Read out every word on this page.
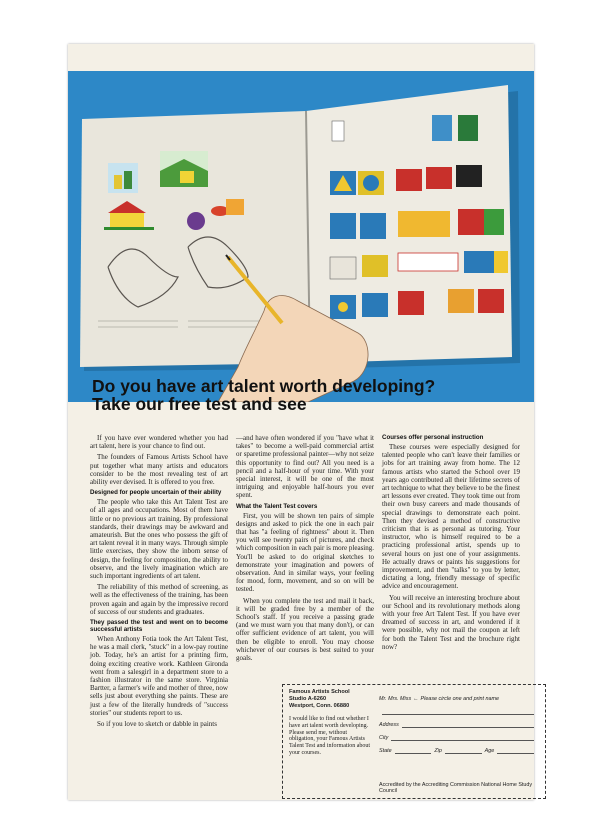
Do you have art talent worth developing?
Take our free test and see

If you have ever wondered whether you had art talent, here is your chance to find out.

The founders of Famous Artists School have put together what many artists and educators consider to be the most revealing test of art ability ever devised. It is offered to you free.

Designed for people uncertain of their ability

The people who take this Art Talent Test are of all ages and occupations. Most of them have little or no previous art training. By professional standards, their drawings may be awkward and amateurish. But the ones who possess the gift of art talent reveal it in many ways. Through simple little exercises, they show the inborn sense of design, the feeling for composition, the ability to observe, and the lively imagination which are such important ingredients of art talent.

The reliability of this method of screening, as well as the effectiveness of the training, has been proven again and again by the impressive record of success of our students and graduates.

They passed the test and went on to become successful artists

When Anthony Fotia took the Art Talent Test, he was a mail clerk, "stuck" in a low-pay routine job. Today, he's an artist for a printing firm, doing exciting creative work. Kathleen Gironda went from a salesgirl in a department store to a fashion illustrator in the same store. Virginia Bartter, a farmer's wife and mother of three, now sells just about everything she paints. These are just a few of the literally hundreds of "success stories" our students report to us.

So if you love to sketch or dabble in paints

—and have often wondered if you "have what it takes" to become a well-paid commercial artist or sparetime professional painter—why not seize this opportunity to find out? All you need is a pencil and a half-hour of your time. With your special interest, it will be one of the most intriguing and enjoyable half-hours you ever spent.

What the Talent Test covers

First, you will be shown ten pairs of simple designs and asked to pick the one in each pair that has "a feeling of rightness" about it. Then you will see twenty pairs of pictures, and check which composition in each pair is more pleasing. You'll be asked to do original sketches to demonstrate your imagination and powers of observation. And in similar ways, your feeling for mood, form, movement, and so on will be tested.

When you complete the test and mail it back, it will be graded free by a member of the School's staff. If you receive a passing grade (and we must warn you that many don't), or can offer sufficient evidence of art talent, you will then be eligible to enroll. You may choose whichever of our courses is best suited to your goals.

Courses offer personal instruction

These courses were especially designed for talented people who can't leave their families or jobs for art training away from home. The 12 famous artists who started the School over 19 years ago contributed all their lifetime secrets of art technique to what they believe to be the finest art lessons ever created. They took time out from their own busy careers and made thousands of special drawings to demonstrate each point. Then they devised a method of constructive criticism that is as personal as tutoring. Your instructor, who is himself required to be a practicing professional artist, spends up to several hours on just one of your assignments. He actually draws or paints his suggestions for improvement, and then "talks" to you by letter, dictating a long, friendly message of specific advice and encouragement.

You will receive an interesting brochure about our School and its revolutionary methods along with your free Art Talent Test. If you have ever dreamed of success in art, and wondered if it were possible, why not mail the coupon at left for both the Talent Test and the brochure right now?

Famous Artists School
Studio A-6260
Westport, Conn. 06880
I would like to find out whether I have art talent worth developing. Please send me, without obligation, your Famous Artists Talent Test and information about your courses.
Mr. Mrs. Miss ← Please circle one and print name
Address
City
State	Zip	Age
Accredited by the Accrediting Commission National Home Study Council
